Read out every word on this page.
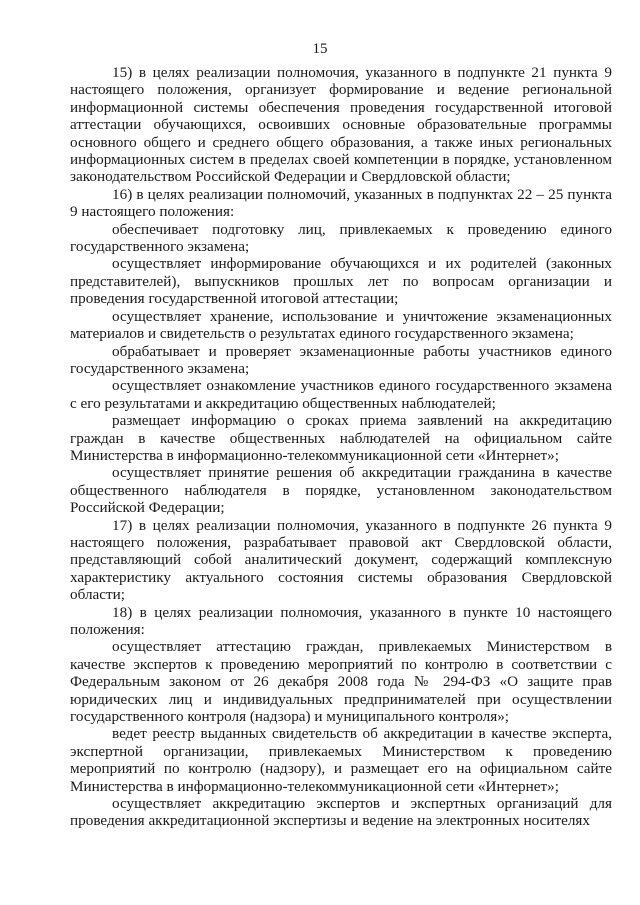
15

15) в целях реализации полномочия, указанного в подпункте 21 пункта 9 настоящего положения, организует формирование и ведение региональной информационной системы обеспечения проведения государственной итоговой аттестации обучающихся, освоивших основные образовательные программы основного общего и среднего общего образования, а также иных региональных информационных систем в пределах своей компетенции в порядке, установленном законодательством Российской Федерации и Свердловской области;

16) в целях реализации полномочий, указанных в подпунктах 22 – 25 пункта 9 настоящего положения:

обеспечивает подготовку лиц, привлекаемых к проведению единого государственного экзамена;

осуществляет информирование обучающихся и их родителей (законных представителей), выпускников прошлых лет по вопросам организации и проведения государственной итоговой аттестации;

осуществляет хранение, использование и уничтожение экзаменационных материалов и свидетельств о результатах единого государственного экзамена;

обрабатывает и проверяет экзаменационные работы участников единого государственного экзамена;

осуществляет ознакомление участников единого государственного экзамена с его результатами и аккредитацию общественных наблюдателей;

размещает информацию о сроках приема заявлений на аккредитацию граждан в качестве общественных наблюдателей на официальном сайте Министерства в информационно-телекоммуникационной сети «Интернет»;

осуществляет принятие решения об аккредитации гражданина в качестве общественного наблюдателя в порядке, установленном законодательством Российской Федерации;

17) в целях реализации полномочия, указанного в подпункте 26 пункта 9 настоящего положения, разрабатывает правовой акт Свердловской области, представляющий собой аналитический документ, содержащий комплексную характеристику актуального состояния системы образования Свердловской области;

18) в целях реализации полномочия, указанного в пункте 10 настоящего положения:

осуществляет аттестацию граждан, привлекаемых Министерством в качестве экспертов к проведению мероприятий по контролю в соответствии с Федеральным законом от 26 декабря 2008 года № 294-ФЗ «О защите прав юридических лиц и индивидуальных предпринимателей при осуществлении государственного контроля (надзора) и муниципального контроля»;

ведет реестр выданных свидетельств об аккредитации в качестве эксперта, экспертной организации, привлекаемых Министерством к проведению мероприятий по контролю (надзору), и размещает его на официальном сайте Министерства в информационно-телекоммуникационной сети «Интернет»;

осуществляет аккредитацию экспертов и экспертных организаций для проведения аккредитационной экспертизы и ведение на электронных носителях
